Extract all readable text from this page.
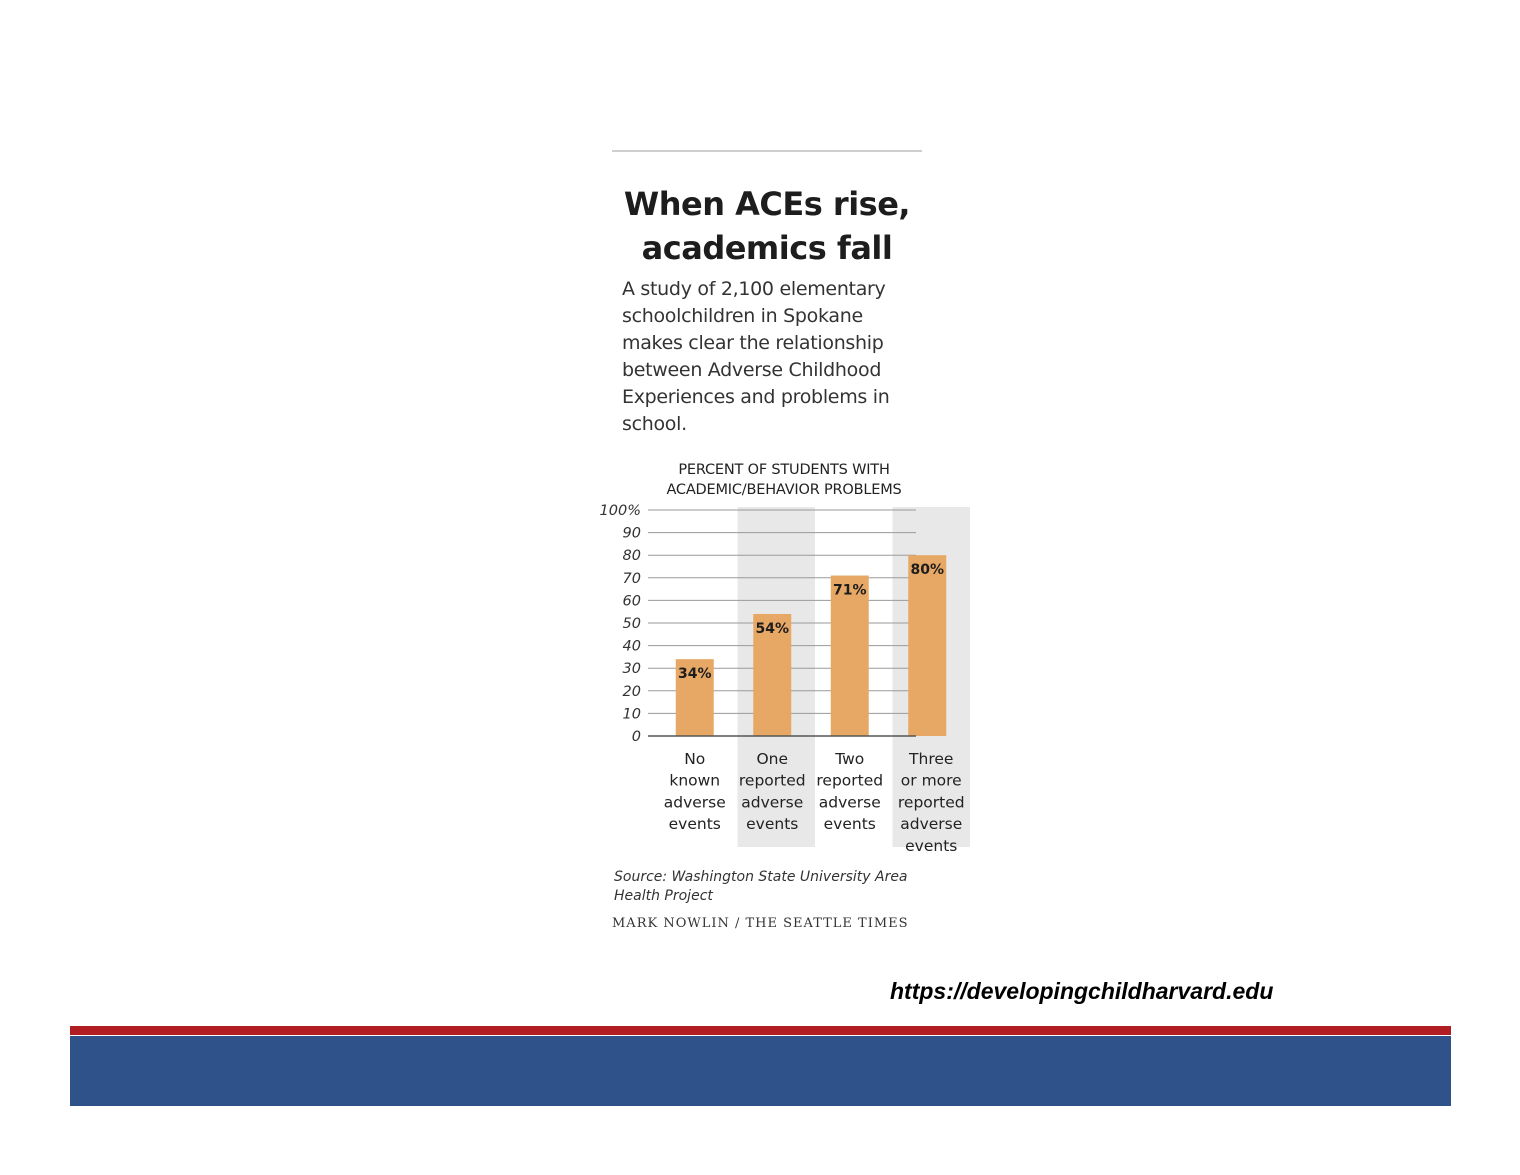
When ACEs rise,
academics fall
A study of 2,100 elementary
schoolchildren in Spokane
makes clear the relationship
between Adverse Childhood
Experiences and problems in
school.
PERCENT OF STUDENTS WITH
ACADEMIC/BEHAVIOR PROBLEMS
0
10
20
30
40
50
60
70
80
90
100%
34%
No
known
adverse
events
54%
One
reported
adverse
events
71%
Two
reported
adverse
events
80%
Three
or more
reported
adverse
events
Source: Washington State University Area
Health Project
MARK NOWLIN / THE SEATTLE TIMES
https://developingchildharvard.edu
